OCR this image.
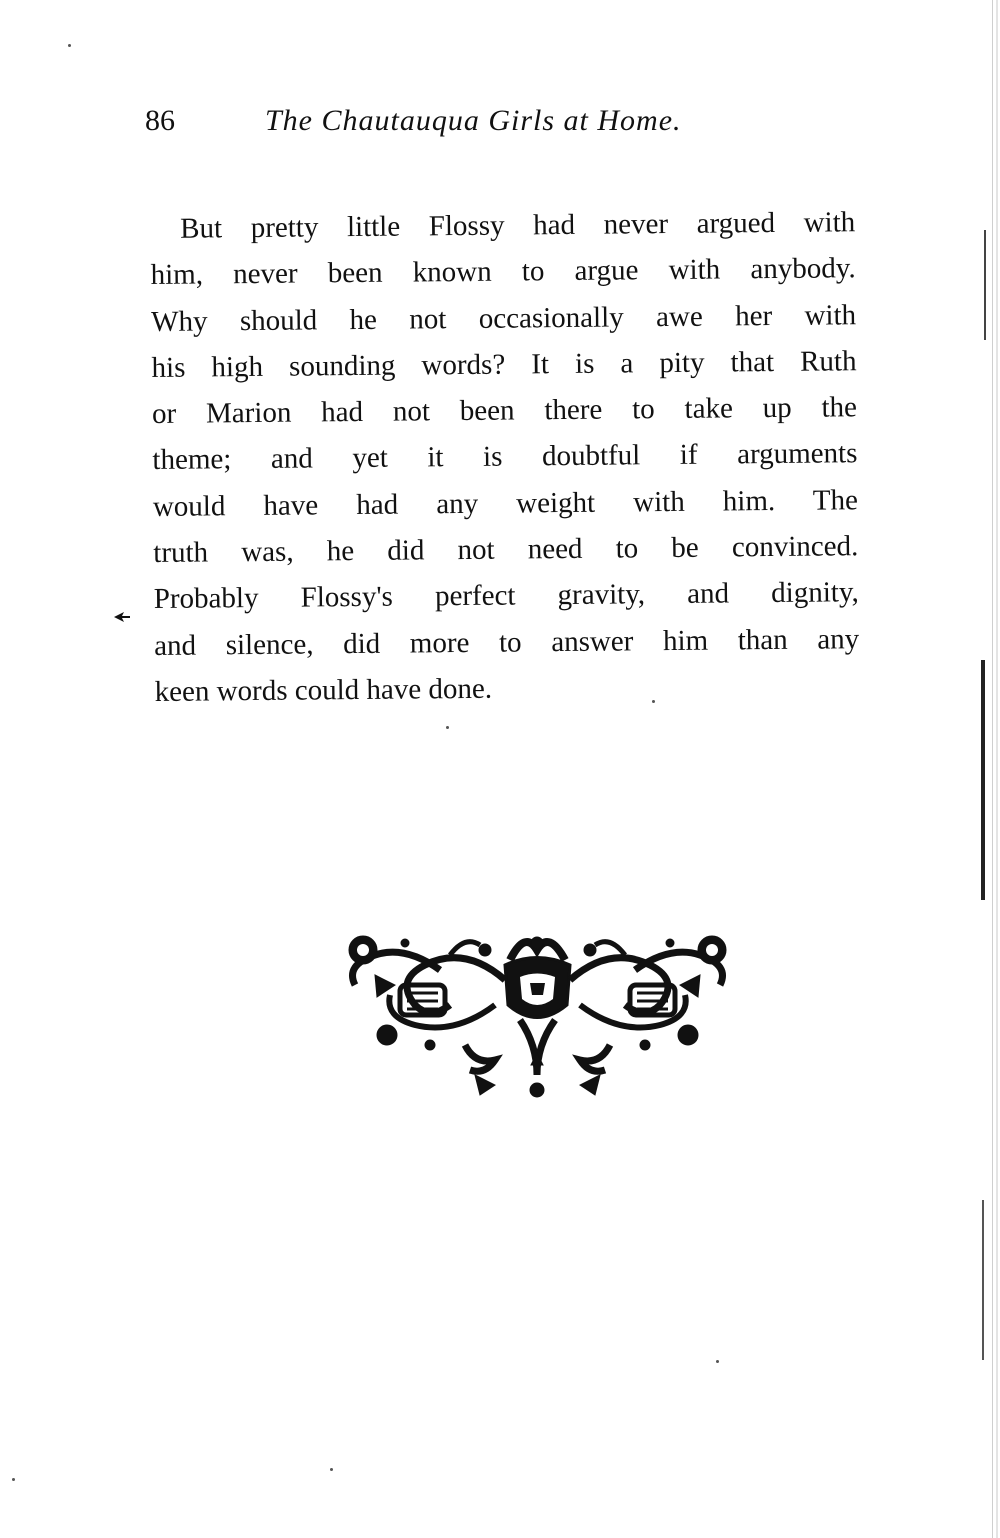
86	The Chautauqua Girls at Home.
But pretty little Flossy had never argued with
him, never been known to argue with anybody.
Why should he not occasionally awe her with
his high sounding words? It is a pity that Ruth
or Marion had not been there to take up the
theme; and yet it is doubtful if arguments
would have had any weight with him. The
truth was, he did not need to be convinced.
Probably Flossy's perfect gravity, and dignity,
and silence, did more to answer him than any
keen words could have done.
